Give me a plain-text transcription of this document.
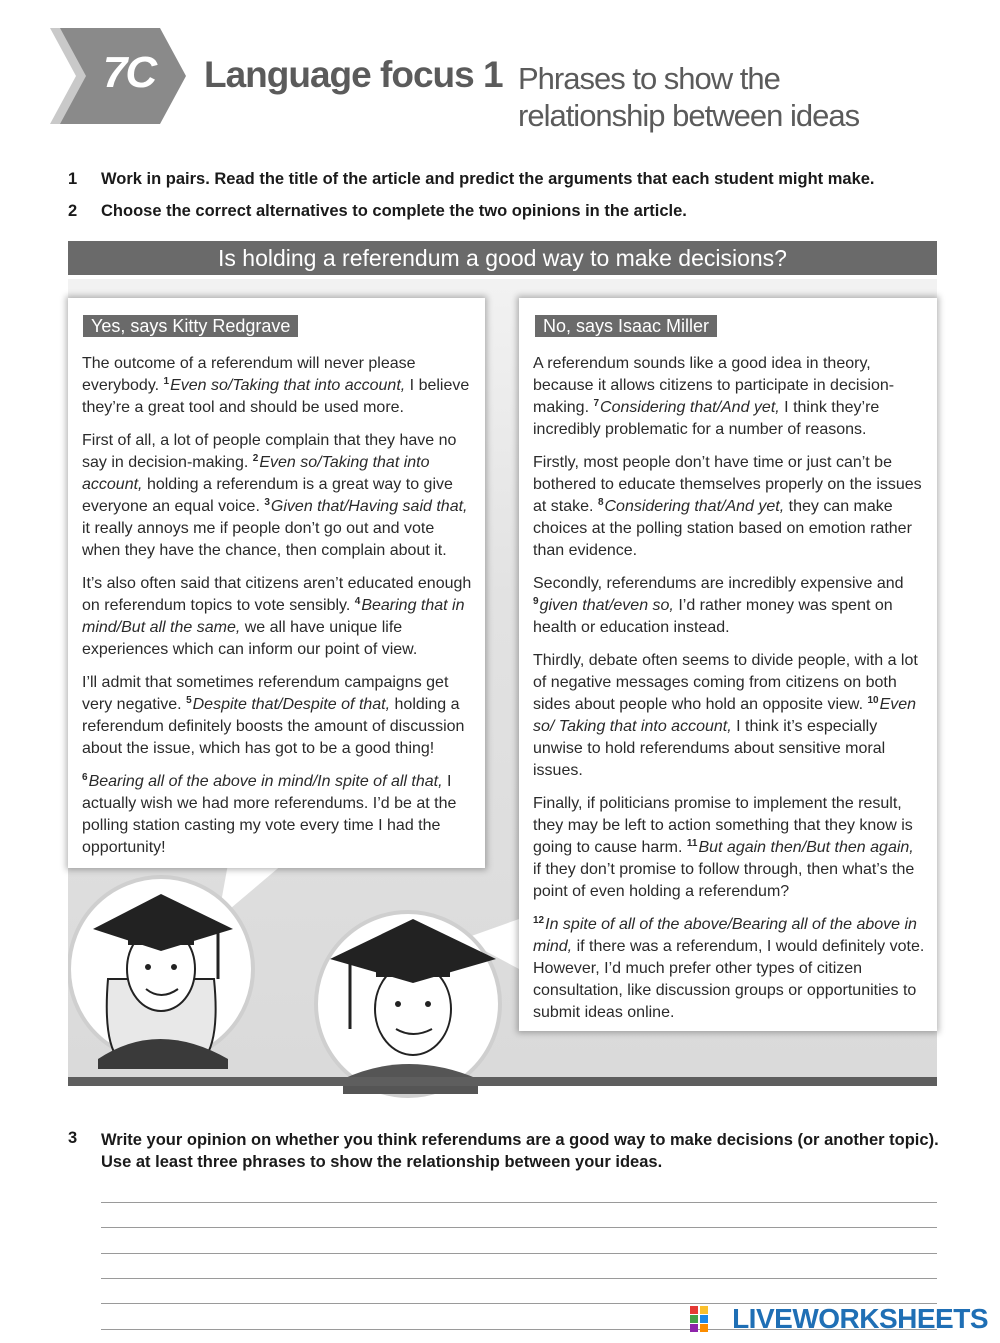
7C	Language focus 1 Phrases to show the
relationship between ideas
1 Work in pairs. Read the title of the article and predict the arguments that each student might make.
2 Choose the correct alternatives to complete the two opinions in the article.
Is holding a referendum a good way to make decisions?
Yes, says Kitty Redgrave

The outcome of a referendum will never please everybody. $^1$Even so/Taking that into account, I believe they’re a great tool and should be used more.

First of all, a lot of people complain that they have no say in decision-making. $^2$Even so/Taking that into account, holding a referendum is a great way to give everyone an equal voice. $^3$Given that/Having said that, it really annoys me if people don’t go out and vote when they have the chance, then complain about it.

It’s also often said that citizens aren’t educated enough on referendum topics to vote sensibly. $^4$Bearing that in mind/But all the same, we all have unique life experiences which can inform our point of view.

I’ll admit that sometimes referendum campaigns get very negative. $^5$Despite that/Despite of that, holding a referendum definitely boosts the amount of discussion about the issue, which has got to be a good thing!

$^6$Bearing all of the above in mind/In spite of all that, I actually wish we had more referendums. I’d be at the polling station casting my vote every time I had the opportunity!

No, says Isaac Miller

A referendum sounds like a good idea in theory, because it allows citizens to participate in decision-making. $^7$Considering that/And yet, I think they’re incredibly problematic for a number of reasons.

Firstly, most people don’t have time or just can’t be bothered to educate themselves properly on the issues at stake. $^8$Considering that/And yet, they can make choices at the polling station based on emotion rather than evidence.

Secondly, referendums are incredibly expensive and $^9$given that/even so, I’d rather money was spent on health or education instead.

Thirdly, debate often seems to divide people, with a lot of negative messages coming from citizens on both sides about people who hold an opposite view. $^{10}$Even so/ Taking that into account, I think it’s especially unwise to hold referendums about sensitive moral issues.

Finally, if politicians promise to implement the result, they may be left to action something that they know is going to cause harm. $^{11}$But again then/But then again, if they don’t promise to follow through, then what’s the point of even holding a referendum?

$^{12}$In spite of all of the above/Bearing all of the above in mind, if there was a referendum, I would definitely vote. However, I’d much prefer other types of citizen consultation, like discussion groups or opportunities to submit ideas online.

3 Write your opinion on whether you think referendums are a good way to make decisions (or another topic). Use at least three phrases to show the relationship between your ideas.
LIVEWORKSHEETS
